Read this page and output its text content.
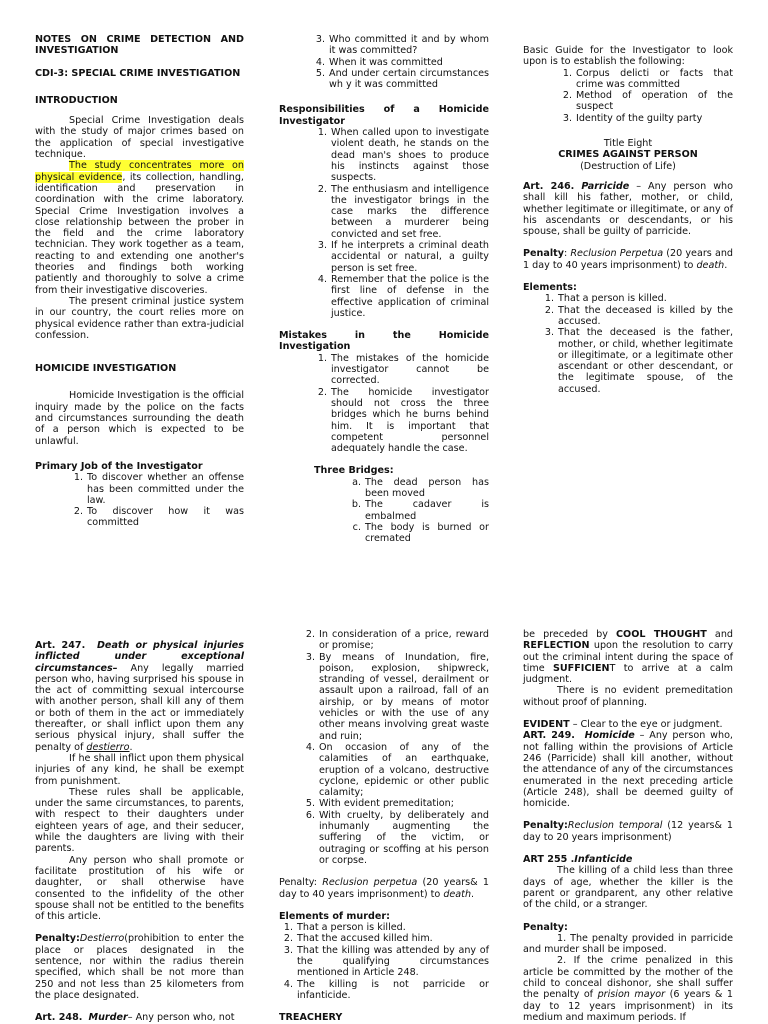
NOTES ON CRIME DETECTION AND INVESTIGATION

CDI-3: SPECIAL CRIME INVESTIGATION

INTRODUCTION

Special Crime Investigation deals with the study of major crimes based on the application of special investigative technique.

The study concentrates more on physical evidence, its collection, handling, identification and preservation in coordination with the crime laboratory. Special Crime Investigation involves a close relationship between the prober in the field and the crime laboratory technician. They work together as a team, reacting to and extending one another's theories and findings both working patiently and thoroughly to solve a crime from their investigative discoveries.

The present criminal justice system in our country, the court relies more on physical evidence rather than extra-judicial confession.

HOMICIDE INVESTIGATION

Homicide Investigation is the official inquiry made by the police on the facts and circumstances surrounding the death of a person which is expected to be unlawful.

Primary Job of the Investigator

1. To discover whether an offense has been committed under the law.
2. To discover how it was committed
3. Who committed it and by whom it was committed?
4. When it was committed
5. And under certain circumstances wh y it was committed

Responsibilities of a Homicide Investigator

1. When called upon to investigate violent death, he stands on the dead man's shoes to produce his instincts against those suspects.
2. The enthusiasm and intelligence the investigator brings in the case marks the difference between a murderer being convicted and set free.
3. If he interprets a criminal death accidental or natural, a guilty person is set free.
4. Remember that the police is the first line of defense in the effective application of criminal justice.

Mistakes in the Homicide Investigation

1. The mistakes of the homicide investigator cannot be corrected.
2. The homicide investigator should not cross the three bridges which he burns behind him. It is important that competent personnel adequately handle the case.

Three Bridges:

a. The dead person has been moved
b. The cadaver is embalmed
c. The body is burned or cremated

Basic Guide for the Investigator to look upon is to establish the following:

1. Corpus delicti or facts that crime was committed
2. Method of operation of the suspect
3. Identity of the guilty party

Title Eight

CRIMES AGAINST PERSON

(Destruction of Life)

Art. 246. Parricide – Any person who shall kill his father, mother, or child, whether legitimate or illegitimate, or any of his ascendants or descendants, or his spouse, shall be guilty of parricide.

Penalty: Reclusion Perpetua (20 years and 1 day to 40 years imprisonment) to death.

Elements:

1. That a person is killed.
2. That the deceased is killed by the accused.
3. That the deceased is the father, mother, or child, whether legitimate or illegitimate, or a legitimate other ascendant or other descendant, or the legitimate spouse, of the accused.

Art. 247. Death or physical injuries inflicted under exceptional circumstances– Any legally married person who, having surprised his spouse in the act of committing sexual intercourse with another person, shall kill any of them or both of them in the act or immediately thereafter, or shall inflict upon them any serious physical injury, shall suffer the penalty of destierro.

If he shall inflict upon them physical injuries of any kind, he shall be exempt from punishment.

These rules shall be applicable, under the same circumstances, to parents, with respect to their daughters under eighteen years of age, and their seducer, while the daughters are living with their parents.

Any person who shall promote or facilitate prostitution of his wife or daughter, or shall otherwise have consented to the infidelity of the other spouse shall not be entitled to the benefits of this article.

Penalty:Destierro(prohibition to enter the place or places designated in the sentence, nor within the radius therein specified, which shall be not more than 250 and not less than 25 kilometers from the place designated.

Art. 248. Murder– Any person who, not

2. In consideration of a price, reward or promise;
3. By means of Inundation, fire, poison, explosion, shipwreck, stranding of vessel, derailment or assault upon a railroad, fall of an airship, or by means of motor vehicles or with the use of any other means involving great waste and ruin;
4. On occasion of any of the calamities of an earthquake, eruption of a volcano, destructive cyclone, epidemic or other public calamity;
5. With evident premeditation;
6. With cruelty, by deliberately and inhumanly augmenting the suffering of the victim, or outraging or scoffing at his person or corpse.

Penalty: Reclusion perpetua (20 years& 1 day to 40 years imprisonment) to death.

Elements of murder:

1. That a person is killed.
2. That the accused killed him.
3. That the killing was attended by any of the qualifying circumstances mentioned in Article 248.
4. The killing is not parricide or infanticide.

TREACHERY

be preceded by COOL THOUGHT and REFLECTION upon the resolution to carry out the criminal intent during the space of time SUFFICIENT to arrive at a calm judgment.

There is no evident premeditation without proof of planning.

EVIDENT – Clear to the eye or judgment.

ART. 249. Homicide – Any person who, not falling within the provisions of Article 246 (Parricide) shall kill another, without the attendance of any of the circumstances enumerated in the next preceding article (Article 248), shall be deemed guilty of homicide.

Penalty:Reclusion temporal (12 years& 1 day to 20 years imprisonment)

ART 255 .Infanticide

The killing of a child less than three days of age, whether the killer is the parent or grandparent, any other relative of the child, or a stranger.

Penalty:

1. The penalty provided in parricide and murder shall be imposed.

2. If the crime penalized in this article be committed by the mother of the child to conceal dishonor, she shall suffer the penalty of prision mayor (6 years & 1 day to 12 years imprisonment) in its medium and maximum periods. If
